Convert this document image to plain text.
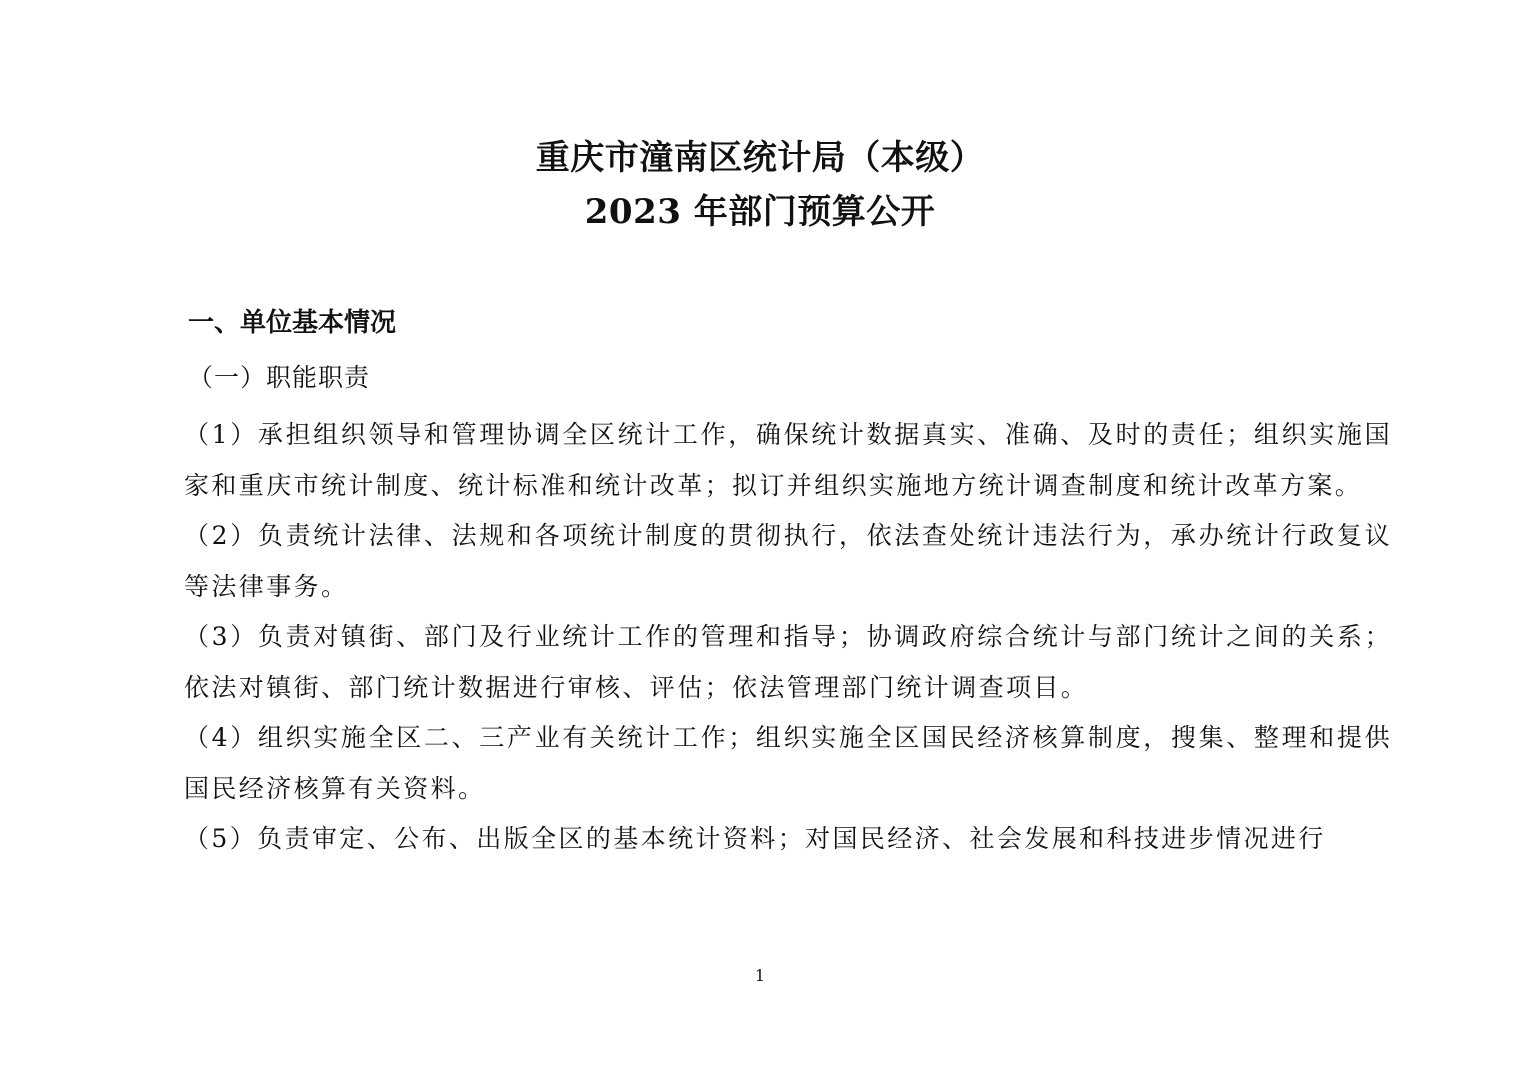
重庆市潼南区统计局（本级）
2023 年部门预算公开
一、单位基本情况
（一）职能职责

（1）承担组织领导和管理协调全区统计工作，确保统计数据真实、准确、及时的责任；组织实施国家和重庆市统计制度、统计标准和统计改革；拟订并组织实施地方统计调查制度和统计改革方案。

（2）负责统计法律、法规和各项统计制度的贯彻执行，依法查处统计违法行为，承办统计行政复议等法律事务。

（3）负责对镇街、部门及行业统计工作的管理和指导；协调政府综合统计与部门统计之间的关系；依法对镇街、部门统计数据进行审核、评估；依法管理部门统计调查项目。

（4）组织实施全区二、三产业有关统计工作；组织实施全区国民经济核算制度，搜集、整理和提供国民经济核算有关资料。

（5）负责审定、公布、出版全区的基本统计资料；对国民经济、社会发展和科技进步情况进行

1
